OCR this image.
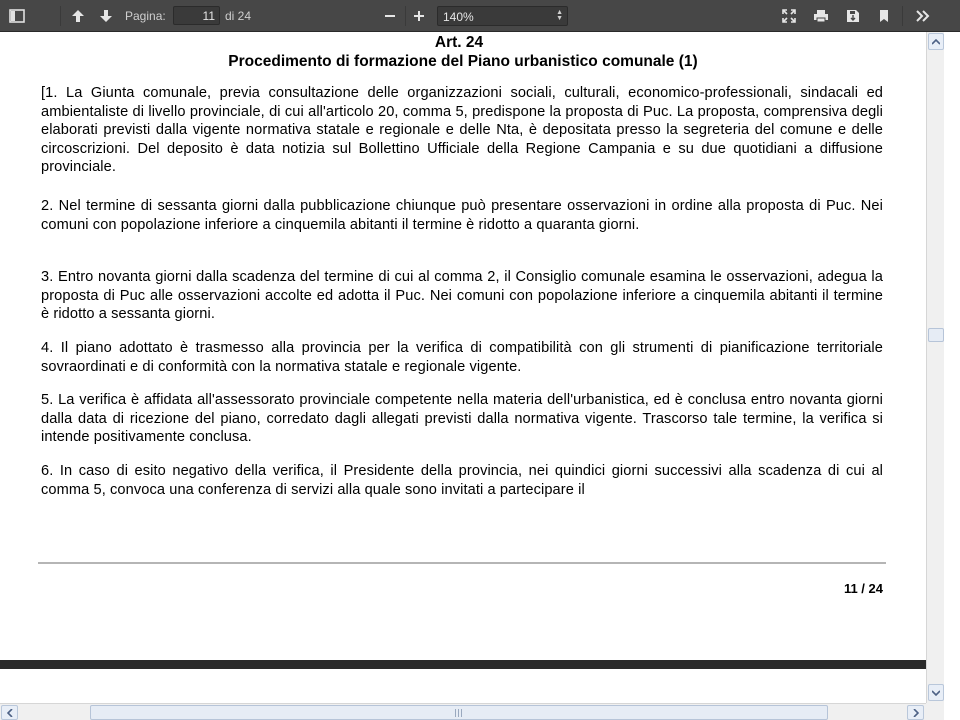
Pagina:	11 di 24	140%	▲
▼
Art. 24
Procedimento di formazione del Piano urbanistico comunale (1)
[1. La Giunta comunale, previa consultazione delle organizzazioni sociali, culturali, economico-professionali, sindacali ed ambientaliste di livello provinciale, di cui all'articolo 20, comma 5, predispone la proposta di Puc. La proposta, comprensiva degli elaborati previsti dalla vigente normativa statale e regionale e delle Nta, è depositata presso la segreteria del comune e delle circoscrizioni. Del deposito è data notizia sul Bollettino Ufficiale della Regione Campania e su due quotidiani a diffusione provinciale.
2. Nel termine di sessanta giorni dalla pubblicazione chiunque può presentare osservazioni in ordine alla proposta di Puc. Nei comuni con popolazione inferiore a cinquemila abitanti il termine è ridotto a quaranta giorni.
3. Entro novanta giorni dalla scadenza del termine di cui al comma 2, il Consiglio comunale esamina le osservazioni, adegua la proposta di Puc alle osservazioni accolte ed adotta il Puc. Nei comuni con popolazione inferiore a cinquemila abitanti il termine è ridotto a sessanta giorni.
4. Il piano adottato è trasmesso alla provincia per la verifica di compatibilità con gli strumenti di pianificazione territoriale sovraordinati e di conformità con la normativa statale e regionale vigente.
5. La verifica è affidata all'assessorato provinciale competente nella materia dell'urbanistica, ed è conclusa entro novanta giorni dalla data di ricezione del piano, corredato dagli allegati previsti dalla normativa vigente. Trascorso tale termine, la verifica si intende positivamente conclusa.
6. In caso di esito negativo della verifica, il Presidente della provincia, nei quindici giorni successivi alla scadenza di cui al comma 5, convoca una conferenza di servizi alla quale sono invitati a partecipare il
11 / 24
